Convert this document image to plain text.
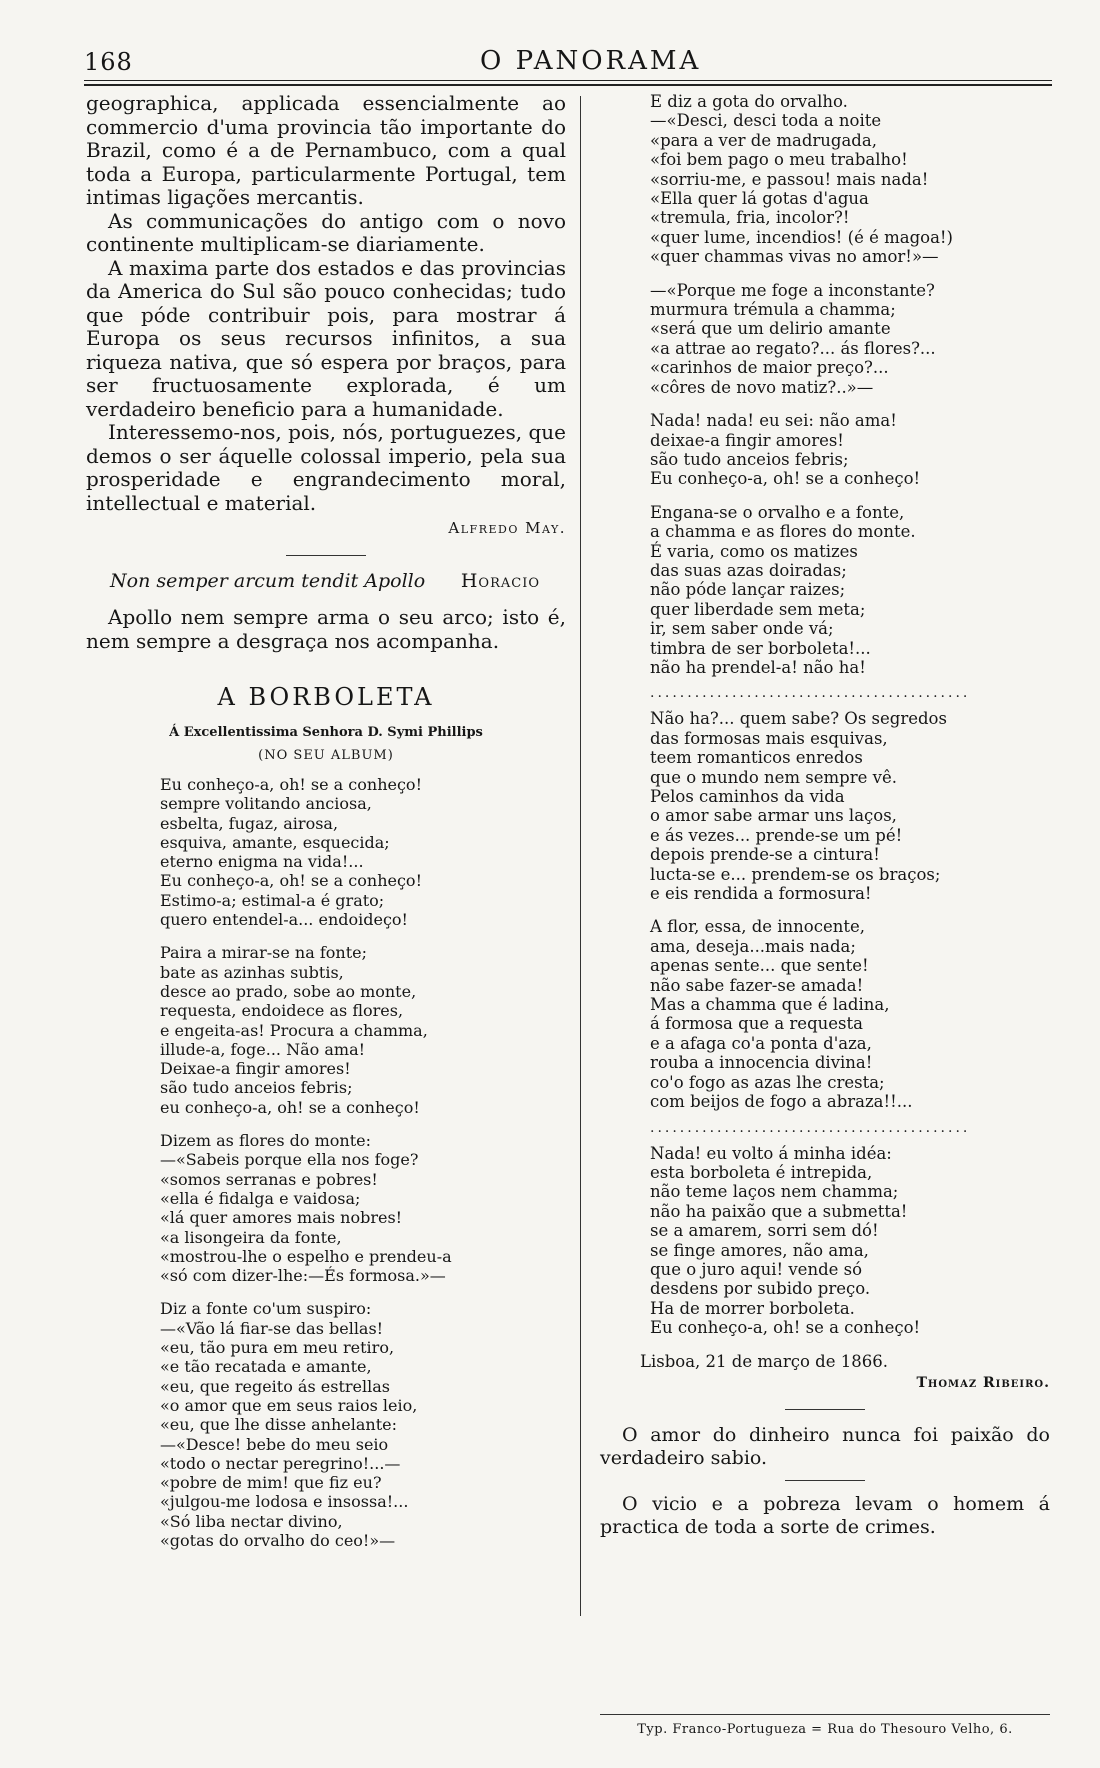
168	O PANORAMA

geographica, applicada essencialmente ao commercio d'uma provincia tão importante do Brazil, como é a de Pernambuco, com a qual toda a Europa, particularmente Portugal, tem intimas ligações mercantis.

As communicações do antigo com o novo continente multiplicam-se diariamente.

A maxima parte dos estados e das provincias da America do Sul são pouco conhecidas; tudo que póde contribuir pois, para mostrar á Europa os seus recursos infinitos, a sua riqueza nativa, que só espera por braços, para ser fructuosamente explorada, é um verdadeiro beneficio para a humanidade.

Interessemo-nos, pois, nós, portuguezes, que demos o ser áquelle colossal imperio, pela sua prosperidade e engrandecimento moral, intellectual e material.

Alfredo May.
Non semper arcum tendit Apollo Horacio

Apollo nem sempre arma o seu arco; isto é, nem sempre a desgraça nos acompanha.

A BORBOLETA
Á Excellentissima Senhora D. Symi Phillips
(NO SEU ALBUM)
Eu conheço-a, oh! se a conheço!
sempre volitando anciosa,
esbelta, fugaz, airosa,
esquiva, amante, esquecida;
eterno enigma na vida!...
Eu conheço-a, oh! se a conheço!
Estimo-a; estimal-a é grato;
quero entendel-a... endoideço!
Paira a mirar-se na fonte;
bate as azinhas subtis,
desce ao prado, sobe ao monte,
requesta, endoidece as flores,
e engeita-as! Procura a chamma,
illude-a, foge... Não ama!
Deixae-a fingir amores!
são tudo anceios febris;
eu conheço-a, oh! se a conheço!
Dizem as flores do monte:
—«Sabeis porque ella nos foge?
«somos serranas e pobres!
«ella é fidalga e vaidosa;
«lá quer amores mais nobres!
«a lisongeira da fonte,
«mostrou-lhe o espelho e prendeu-a
«só com dizer-lhe:—És formosa.»—
Diz a fonte co'um suspiro:
—«Vão lá fiar-se das bellas!
«eu, tão pura em meu retiro,
«e tão recatada e amante,
«eu, que regeito ás estrellas
«o amor que em seus raios leio,
«eu, que lhe disse anhelante:
—«Desce! bebe do meu seio
«todo o nectar peregrino!...—
«pobre de mim! que fiz eu?
«julgou-me lodosa e insossa!...
«Só liba nectar divino,
«gotas do orvalho do ceo!»—
E diz a gota do orvalho.
—«Desci, desci toda a noite
«para a ver de madrugada,
«foi bem pago o meu trabalho!
«sorriu-me, e passou! mais nada!
«Ella quer lá gotas d'agua
«tremula, fria, incolor?!
«quer lume, incendios! (é é magoa!)
«quer chammas vivas no amor!»—
—«Porque me foge a inconstante?
murmura trémula a chamma;
«será que um delirio amante
«a attrae ao regato?... ás flores?...
«carinhos de maior preço?...
«côres de novo matiz?..»—
Nada! nada! eu sei: não ama!
deixae-a fingir amores!
são tudo anceios febris;
Eu conheço-a, oh! se a conheço!
Engana-se o orvalho e a fonte,
a chamma e as flores do monte.
É varia, como os matizes
das suas azas doiradas;
não póde lançar raizes;
quer liberdade sem meta;
ir, sem saber onde vá;
timbra de ser borboleta!...
não ha prendel-a! não ha!
...........................................
Não ha?... quem sabe? Os segredos
das formosas mais esquivas,
teem romanticos enredos
que o mundo nem sempre vê.
Pelos caminhos da vida
o amor sabe armar uns laços,
e ás vezes... prende-se um pé!
depois prende-se a cintura!
lucta-se e... prendem-se os braços;
e eis rendida a formosura!
A flor, essa, de innocente,
ama, deseja...mais nada;
apenas sente... que sente!
não sabe fazer-se amada!
Mas a chamma que é ladina,
á formosa que a requesta
e a afaga co'a ponta d'aza,
rouba a innocencia divina!
co'o fogo as azas lhe cresta;
com beijos de fogo a abraza!!...
...........................................
Nada! eu volto á minha idéa:
esta borboleta é intrepida,
não teme laços nem chamma;
não ha paixão que a submetta!
se a amarem, sorri sem dó!
se finge amores, não ama,
que o juro aqui! vende só
desdens por subido preço.
Ha de morrer borboleta.
Eu conheço-a, oh! se a conheço!
Lisboa, 21 de março de 1866.
Thomaz Ribeiro.

O amor do dinheiro nunca foi paixão do verdadeiro sabio.

O vicio e a pobreza levam o homem á practica de toda a sorte de crimes.

Typ. Franco-Portugueza = Rua do Thesouro Velho, 6.
